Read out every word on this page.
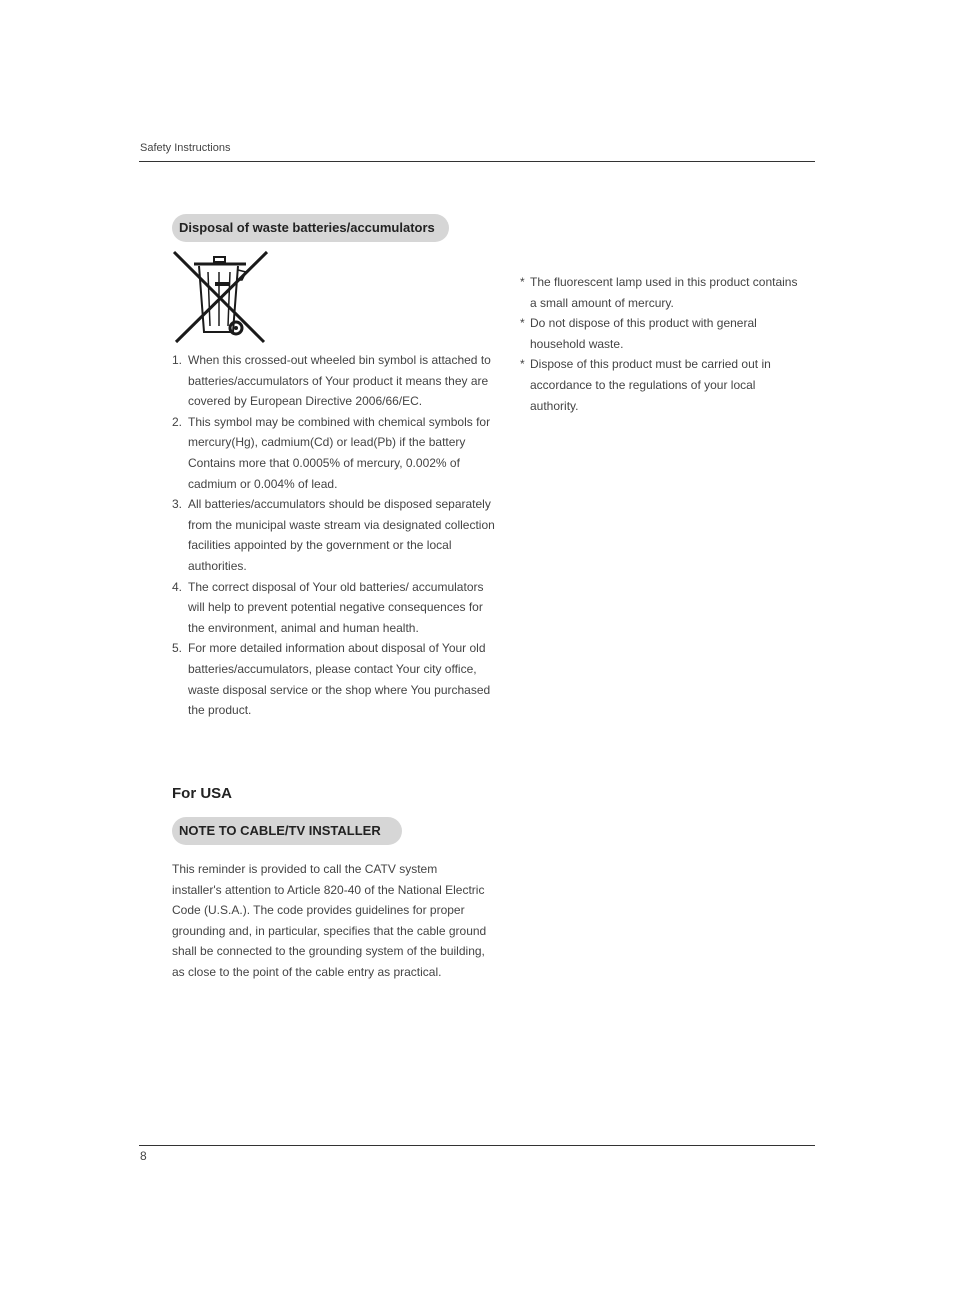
Safety Instructions
Disposal of waste batteries/accumulators
1. When this crossed-out wheeled bin symbol is attached to batteries/accumulators of Your product it means they are covered by European Directive 2006/66/EC.
2. This symbol may be combined with chemical symbols for mercury(Hg), cadmium(Cd) or lead(Pb) if the battery Contains more that 0.0005% of mercury, 0.002% of cadmium or 0.004% of lead.
3. All batteries/accumulators should be disposed separately from the municipal waste stream via designated collection facilities appointed by the government or the local authorities.
4. The correct disposal of Your old batteries/ accumulators will help to prevent potential negative consequences for the environment, animal and human health.
5. For more detailed information about disposal of Your old batteries/accumulators, please contact Your city office, waste disposal service or the shop where You purchased the product.
For USA
NOTE TO CABLE/TV INSTALLER

This reminder is provided to call the CATV system installer's attention to Article 820-40 of the National Electric Code (U.S.A.). The code provides guidelines for proper grounding and, in particular, specifies that the cable ground shall be connected to the grounding system of the building, as close to the point of the cable entry as practical.

* The fluorescent lamp used in this product contains a small amount of mercury.
* Do not dispose of this product with general household waste.
* Dispose of this product must be carried out in accordance to the regulations of your local authority.
8
